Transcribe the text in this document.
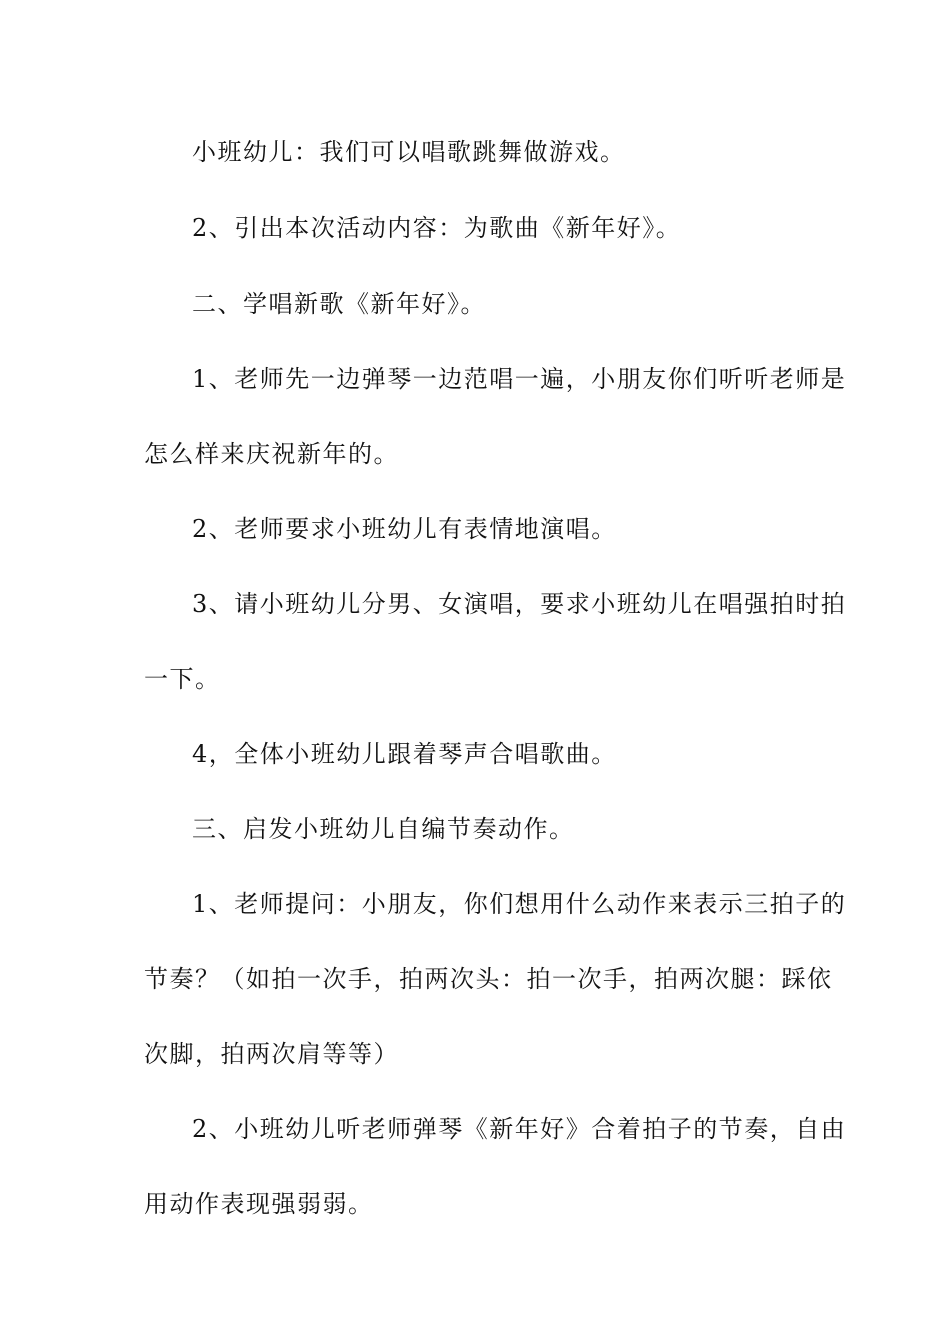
小班幼儿：我们可以唱歌跳舞做游戏。

2、引出本次活动内容：为歌曲《新年好》。

二、学唱新歌《新年好》。

1、老师先一边弹琴一边范唱一遍，小朋友你们听听老师是

怎么样来庆祝新年的。

2、老师要求小班幼儿有表情地演唱。

3、请小班幼儿分男、女演唱，要求小班幼儿在唱强拍时拍

一下。

4，全体小班幼儿跟着琴声合唱歌曲。

三、启发小班幼儿自编节奏动作。

1、老师提问：小朋友，你们想用什么动作来表示三拍子的

节奏？（如拍一次手，拍两次头：拍一次手，拍两次腿：踩依

次脚，拍两次肩等等）

2、小班幼儿听老师弹琴《新年好》合着拍子的节奏，自由

用动作表现强弱弱。
